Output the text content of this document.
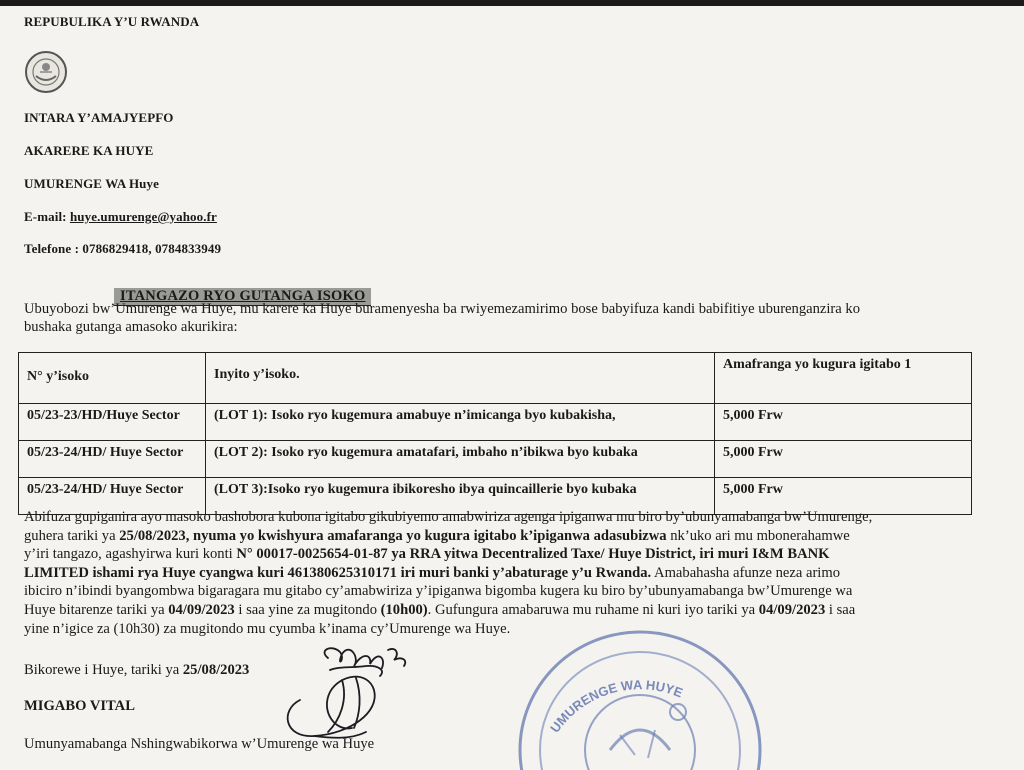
REPUBULIKA Y’U RWANDA
INTARA Y’AMAJYEPFO
AKARERE KA HUYE
UMURENGE WA Huye
E-mail: huye.umurenge@yahoo.fr
Telefone : 0786829418, 0784833949
ITANGAZO RYO GUTANGA ISOKO
Ubuyobozi bw’Umurenge wa Huye, mu karere ka Huye buramenyesha ba rwiyemezamirimo bose babyifuza kandi babifitiye uburenganzira ko
bushaka gutanga amasoko akurikira:
N° y’isoko	Inyito y’isoko.	Amafranga yo kugura igitabo 1
05/23-23/HD/Huye Sector	(LOT 1): Isoko ryo kugemura amabuye n’imicanga byo kubakisha,	5,000 Frw
05/23-24/HD/ Huye Sector	(LOT 2): Isoko ryo kugemura amatafari, imbaho n’ibikwa byo kubaka	5,000 Frw
05/23-24/HD/ Huye Sector	(LOT 3):Isoko ryo kugemura ibikoresho ibya quincaillerie byo kubaka	5,000 Frw
Abifuza gupiganira ayo masoko bashobora kubona igitabo gikubiyemo amabwiriza agenga ipiganwa mu biro by’ubunyamabanga bw’Umurenge,
guhera tariki ya 25/08/2023, nyuma yo kwishyura amafaranga yo kugura igitabo k’ipiganwa adasubizwa nk’uko ari mu mbonerahamwe
y’iri tangazo, agashyirwa kuri konti N° 00017-0025654-01-87 ya RRA yitwa Decentralized Taxe/ Huye District, iri muri I&M BANK
LIMITED ishami rya Huye cyangwa kuri 461380625310171 iri muri banki y’abaturage y’u Rwanda. Amabahasha afunze neza arimo
ibiciro n’ibindi byangombwa bigaragara mu gitabo cy’amabwiriza y’ipiganwa bigomba kugera ku biro by’ubunyamabanga bw’Umurenge wa
Huye bitarenze tariki ya 04/09/2023 i saa yine za mugitondo (10h00). Gufungura amabaruwa mu ruhame ni kuri iyo tariki ya 04/09/2023 i saa
yine n’igice za (10h30) za mugitondo mu cyumba k’inama cy’Umurenge wa Huye.
Bikorewe i Huye, tariki ya 25/08/2023
MIGABO VITAL
Umunyamabanga Nshingwabikorwa w’Umurenge wa Huye
UMURENGE WA HUYE
